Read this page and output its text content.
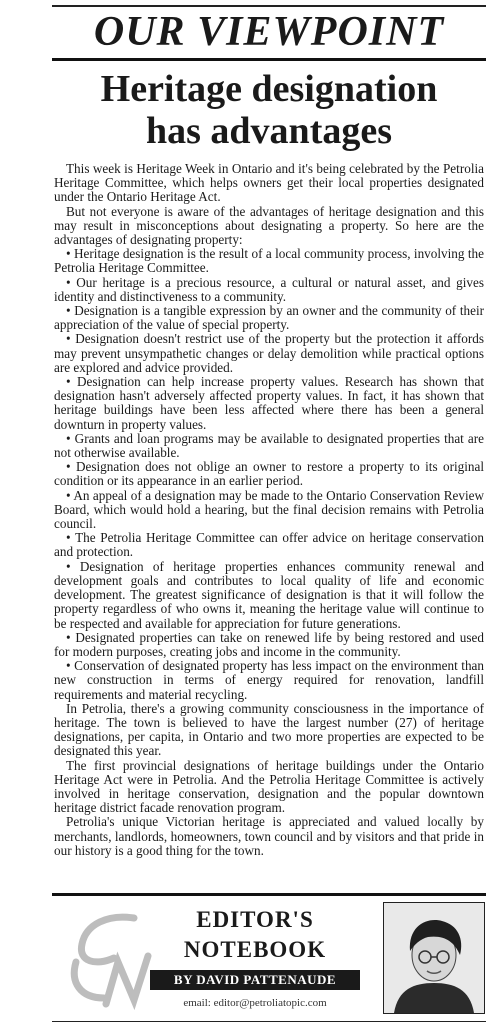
OUR VIEWPOINT
Heritage designation
has advantages

This week is Heritage Week in Ontario and it's being celebrated by the Petrolia Heritage Committee, which helps owners get their local properties designated under the Ontario Heritage Act.

But not everyone is aware of the advantages of heritage designation and this may result in misconceptions about designating a property. So here are the advantages of designating property:

• Heritage designation is the result of a local community process, involving the Petrolia Heritage Committee.

• Our heritage is a precious resource, a cultural or natural asset, and gives identity and distinctiveness to a community.

• Designation is a tangible expression by an owner and the community of their appreciation of the value of special property.

• Designation doesn't restrict use of the property but the protection it affords may prevent unsympathetic changes or delay demolition while practical options are explored and advice provided.

• Designation can help increase property values. Research has shown that designation hasn't adversely affected property values. In fact, it has shown that heritage buildings have been less affected where there has been a general downturn in property values.

• Grants and loan programs may be available to designated properties that are not otherwise available.

• Designation does not oblige an owner to restore a property to its original condition or its appearance in an earlier period.

• An appeal of a designation may be made to the Ontario Conservation Review Board, which would hold a hearing, but the final decision remains with Petrolia council.

• The Petrolia Heritage Committee can offer advice on heritage conservation and protection.

• Designation of heritage properties enhances community renewal and development goals and contributes to local quality of life and economic development. The greatest significance of designation is that it will follow the property regardless of who owns it, meaning the heritage value will continue to be respected and available for appreciation for future generations.

• Designated properties can take on renewed life by being restored and used for modern purposes, creating jobs and income in the community.

• Conservation of designated property has less impact on the environment than new construction in terms of energy required for renovation, landfill requirements and material recycling.

In Petrolia, there's a growing community consciousness in the importance of heritage. The town is believed to have the largest number (27) of heritage designations, per capita, in Ontario and two more properties are expected to be designated this year.

The first provincial designations of heritage buildings under the Ontario Heritage Act were in Petrolia. And the Petrolia Heritage Committee is actively involved in heritage conservation, designation and the popular downtown heritage district facade renovation program.

Petrolia's unique Victorian heritage is appreciated and valued locally by merchants, landlords, homeowners, town council and by visitors and that pride in our history is a good thing for the town.

EDITOR'S
NOTEBOOK
BY DAVID PATTENAUDE
email: editor@petroliatopic.com
